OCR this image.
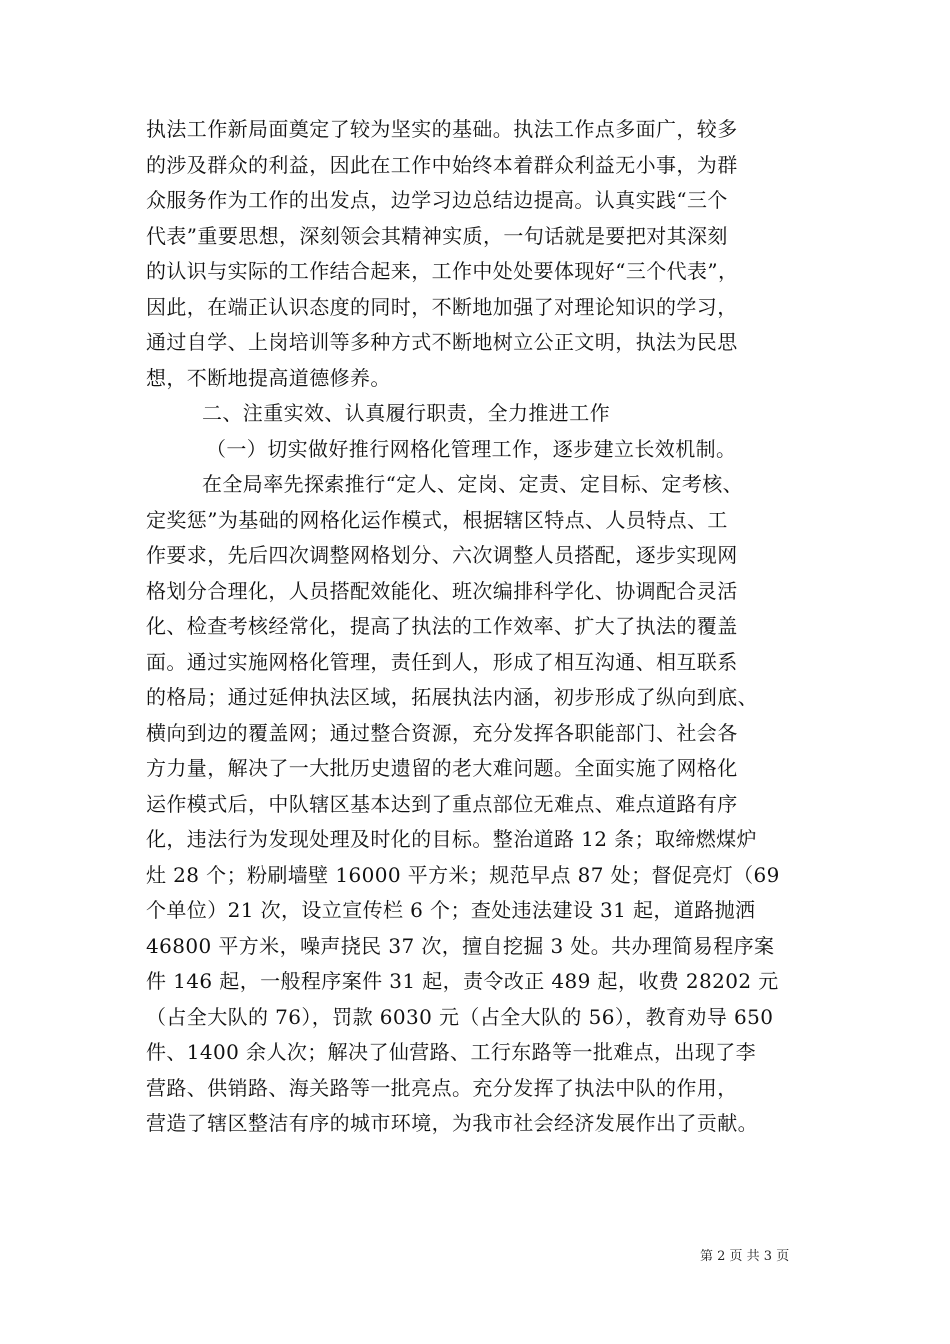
执法工作新局面奠定了较为坚实的基础。执法工作点多面广，较多
的涉及群众的利益，因此在工作中始终本着群众利益无小事，为群
众服务作为工作的出发点，边学习边总结边提高。认真实践“三个
代表”重要思想，深刻领会其精神实质，一句话就是要把对其深刻
的认识与实际的工作结合起来，工作中处处要体现好“三个代表”，
因此，在端正认识态度的同时，不断地加强了对理论知识的学习，
通过自学、上岗培训等多种方式不断地树立公正文明，执法为民思
想，不断地提高道德修养。
二、注重实效、认真履行职责，全力推进工作
（一）切实做好推行网格化管理工作，逐步建立长效机制。
在全局率先探索推行“定人、定岗、定责、定目标、定考核、
定奖惩”为基础的网格化运作模式，根据辖区特点、人员特点、工
作要求，先后四次调整网格划分、六次调整人员搭配，逐步实现网
格划分合理化，人员搭配效能化、班次编排科学化、协调配合灵活
化、检查考核经常化，提高了执法的工作效率、扩大了执法的覆盖
面。通过实施网格化管理，责任到人，形成了相互沟通、相互联系
的格局；通过延伸执法区域，拓展执法内涵，初步形成了纵向到底、
横向到边的覆盖网；通过整合资源，充分发挥各职能部门、社会各
方力量，解决了一大批历史遗留的老大难问题。全面实施了网格化
运作模式后，中队辖区基本达到了重点部位无难点、难点道路有序
化，违法行为发现处理及时化的目标。整治道路 12 条；取缔燃煤炉
灶 28 个；粉刷墙壁 16000 平方米；规范早点 87 处；督促亮灯（69
个单位）21 次，设立宣传栏 6 个；查处违法建设 31 起，道路抛洒
46800 平方米，噪声挠民 37 次，擅自挖掘 3 处。共办理简易程序案
件 146 起，一般程序案件 31 起，责令改正 489 起，收费 28202 元
（占全大队的 76），罚款 6030 元（占全大队的 56），教育劝导 650
件、1400 余人次；解决了仙营路、工行东路等一批难点，出现了李
营路、供销路、海关路等一批亮点。充分发挥了执法中队的作用，
营造了辖区整洁有序的城市环境，为我市社会经济发展作出了贡献。
第 2 页 共 3 页
